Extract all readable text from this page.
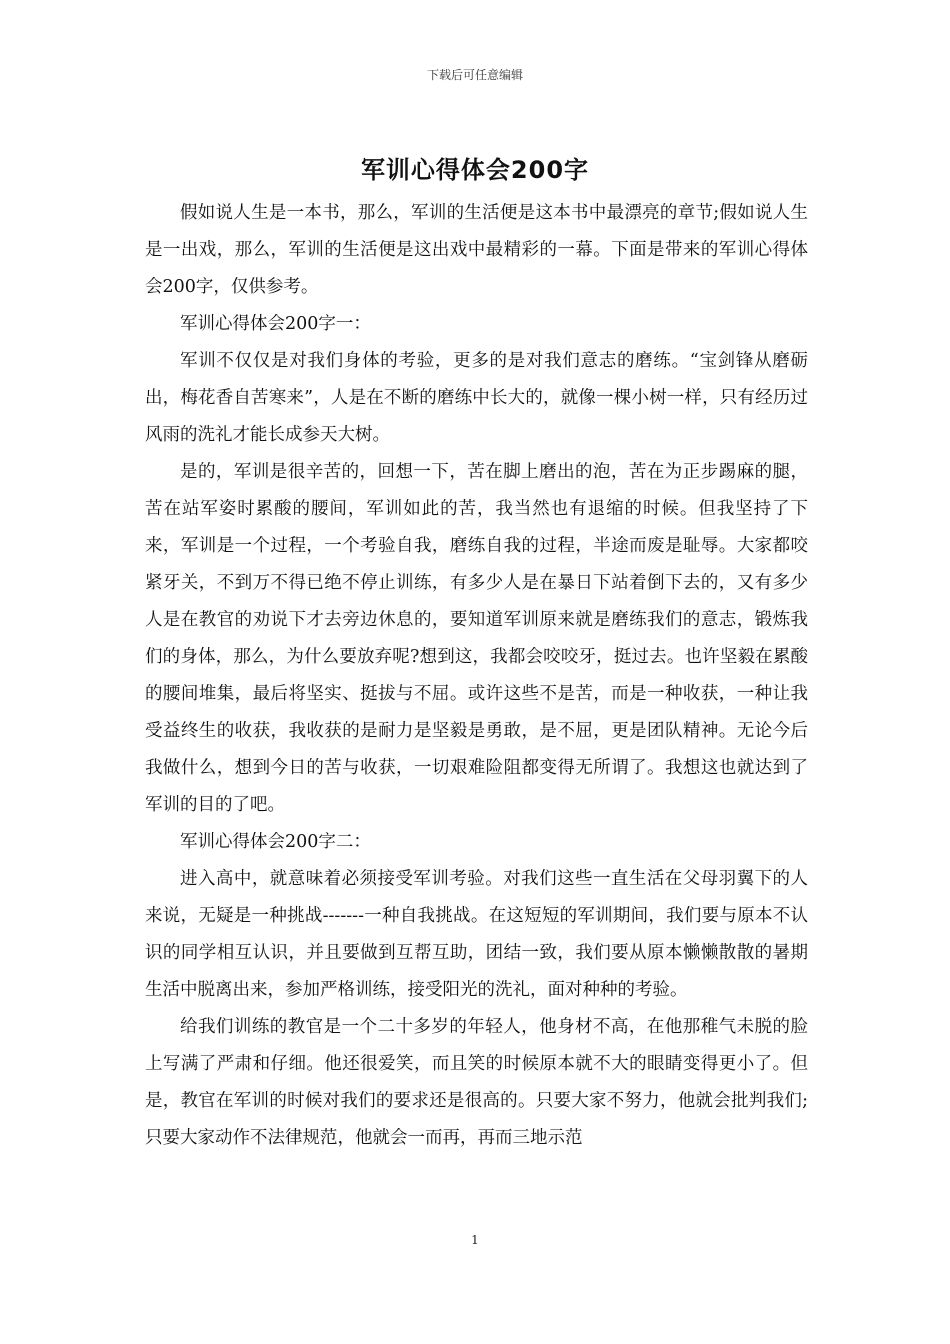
下载后可任意编辑
军训心得体会200字

假如说人生是一本书，那么，军训的生活便是这本书中最漂亮的章节;假如说人生是一出戏，那么，军训的生活便是这出戏中最精彩的一幕。下面是带来的军训心得体会200字，仅供参考。

军训心得体会200字一：

军训不仅仅是对我们身体的考验，更多的是对我们意志的磨练。“宝剑锋从磨砺出，梅花香自苦寒来”，人是在不断的磨练中长大的，就像一棵小树一样，只有经历过风雨的洗礼才能长成参天大树。

是的，军训是很辛苦的，回想一下，苦在脚上磨出的泡，苦在为正步踢麻的腿，苦在站军姿时累酸的腰间，军训如此的苦，我当然也有退缩的时候。但我坚持了下来，军训是一个过程，一个考验自我，磨练自我的过程，半途而废是耻辱。大家都咬紧牙关，不到万不得已绝不停止训练，有多少人是在暴日下站着倒下去的，又有多少人是在教官的劝说下才去旁边休息的，要知道军训原来就是磨练我们的意志，锻炼我们的身体，那么，为什么要放弃呢?想到这，我都会咬咬牙，挺过去。也许坚毅在累酸的腰间堆集，最后将坚实、挺拔与不屈。或许这些不是苦，而是一种收获，一种让我受益终生的收获，我收获的是耐力是坚毅是勇敢，是不屈，更是团队精神。无论今后我做什么，想到今日的苦与收获，一切艰难险阻都变得无所谓了。我想这也就达到了军训的目的了吧。

军训心得体会200字二：

进入高中，就意味着必须接受军训考验。对我们这些一直生活在父母羽翼下的人来说，无疑是一种挑战-------一种自我挑战。在这短短的军训期间，我们要与原本不认识的同学相互认识，并且要做到互帮互助，团结一致，我们要从原本懒懒散散的暑期生活中脱离出来，参加严格训练，接受阳光的洗礼，面对种种的考验。

给我们训练的教官是一个二十多岁的年轻人，他身材不高，在他那稚气未脱的脸上写满了严肃和仔细。他还很爱笑，而且笑的时候原本就不大的眼睛变得更小了。但是，教官在军训的时候对我们的要求还是很高的。只要大家不努力，他就会批判我们;只要大家动作不法律规范，他就会一而再，再而三地示范

1
